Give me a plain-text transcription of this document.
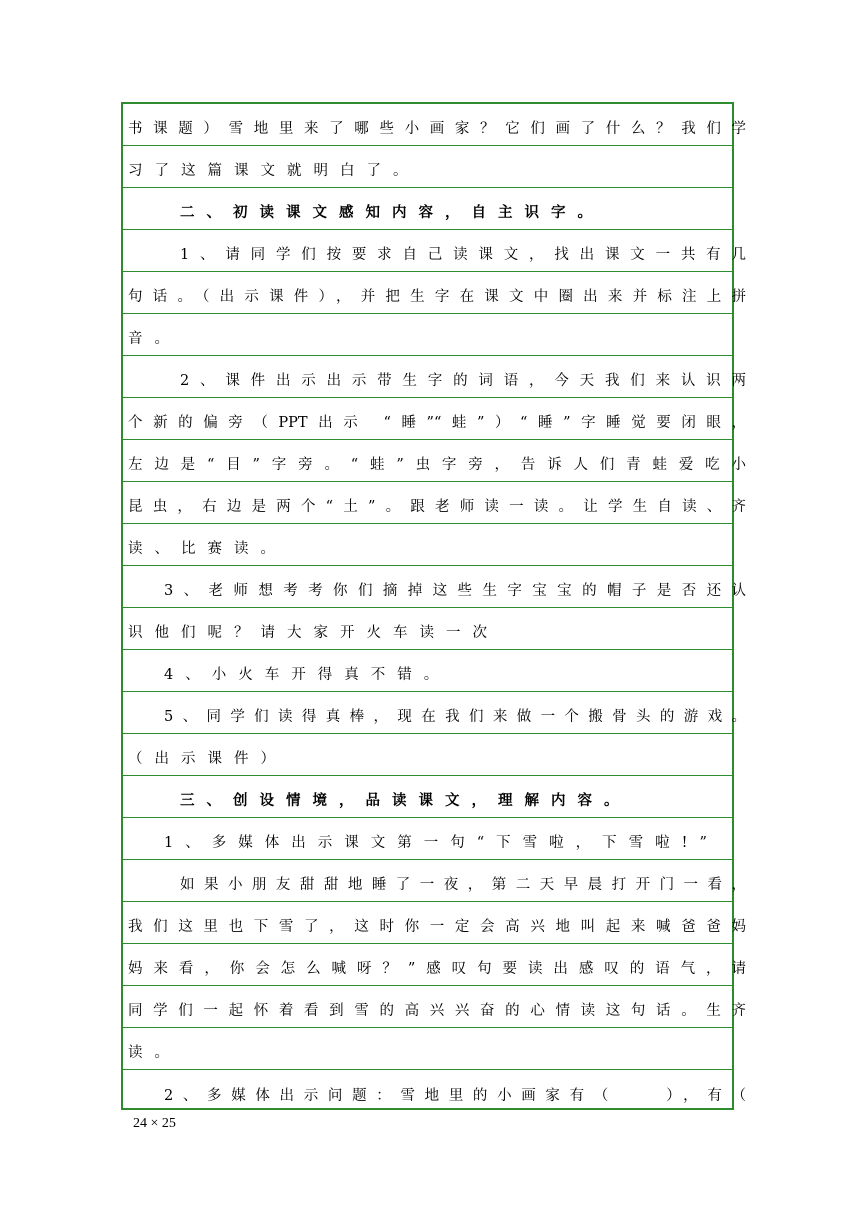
书课题）雪地里来了哪些小画家？它们画了什么？我们学
习了这篇课文就明白了。
二、初读课文感知内容，自主识字。
1、请同学们按要求自己读课文，找出课文一共有几
句话。（出示课件），并把生字在课文中圈出来并标注上拼
音。
2、课件出示出示带生字的词语，今天我们来认识两
个新的偏旁（PPT出示 “睡”“蛙”）“睡”字睡觉要闭眼，
左边是“目”字旁。“蛙”虫字旁，告诉人们青蛙爱吃小
昆虫，右边是两个“土”。跟老师读一读。让学生自读、齐
读、比赛读。
3、老师想考考你们摘掉这些生字宝宝的帽子是否还认
识他们呢？请大家开火车读一次
4、小火车开得真不错。
5、同学们读得真棒，现在我们来做一个搬骨头的游戏。
（出示课件）
三、创设情境，品读课文，理解内容。
1、多媒体出示课文第一句“下雪啦，下雪啦!”
如果小朋友甜甜地睡了一夜，第二天早晨打开门一看，
我们这里也下雪了，这时你一定会高兴地叫起来喊爸爸妈
妈来看，你会怎么喊呀？”感叹句要读出感叹的语气，请
同学们一起怀着看到雪的高兴兴奋的心情读这句话。生齐
读。
2、多媒体出示问题：雪地里的小画家有（　　），有（
24 × 25
